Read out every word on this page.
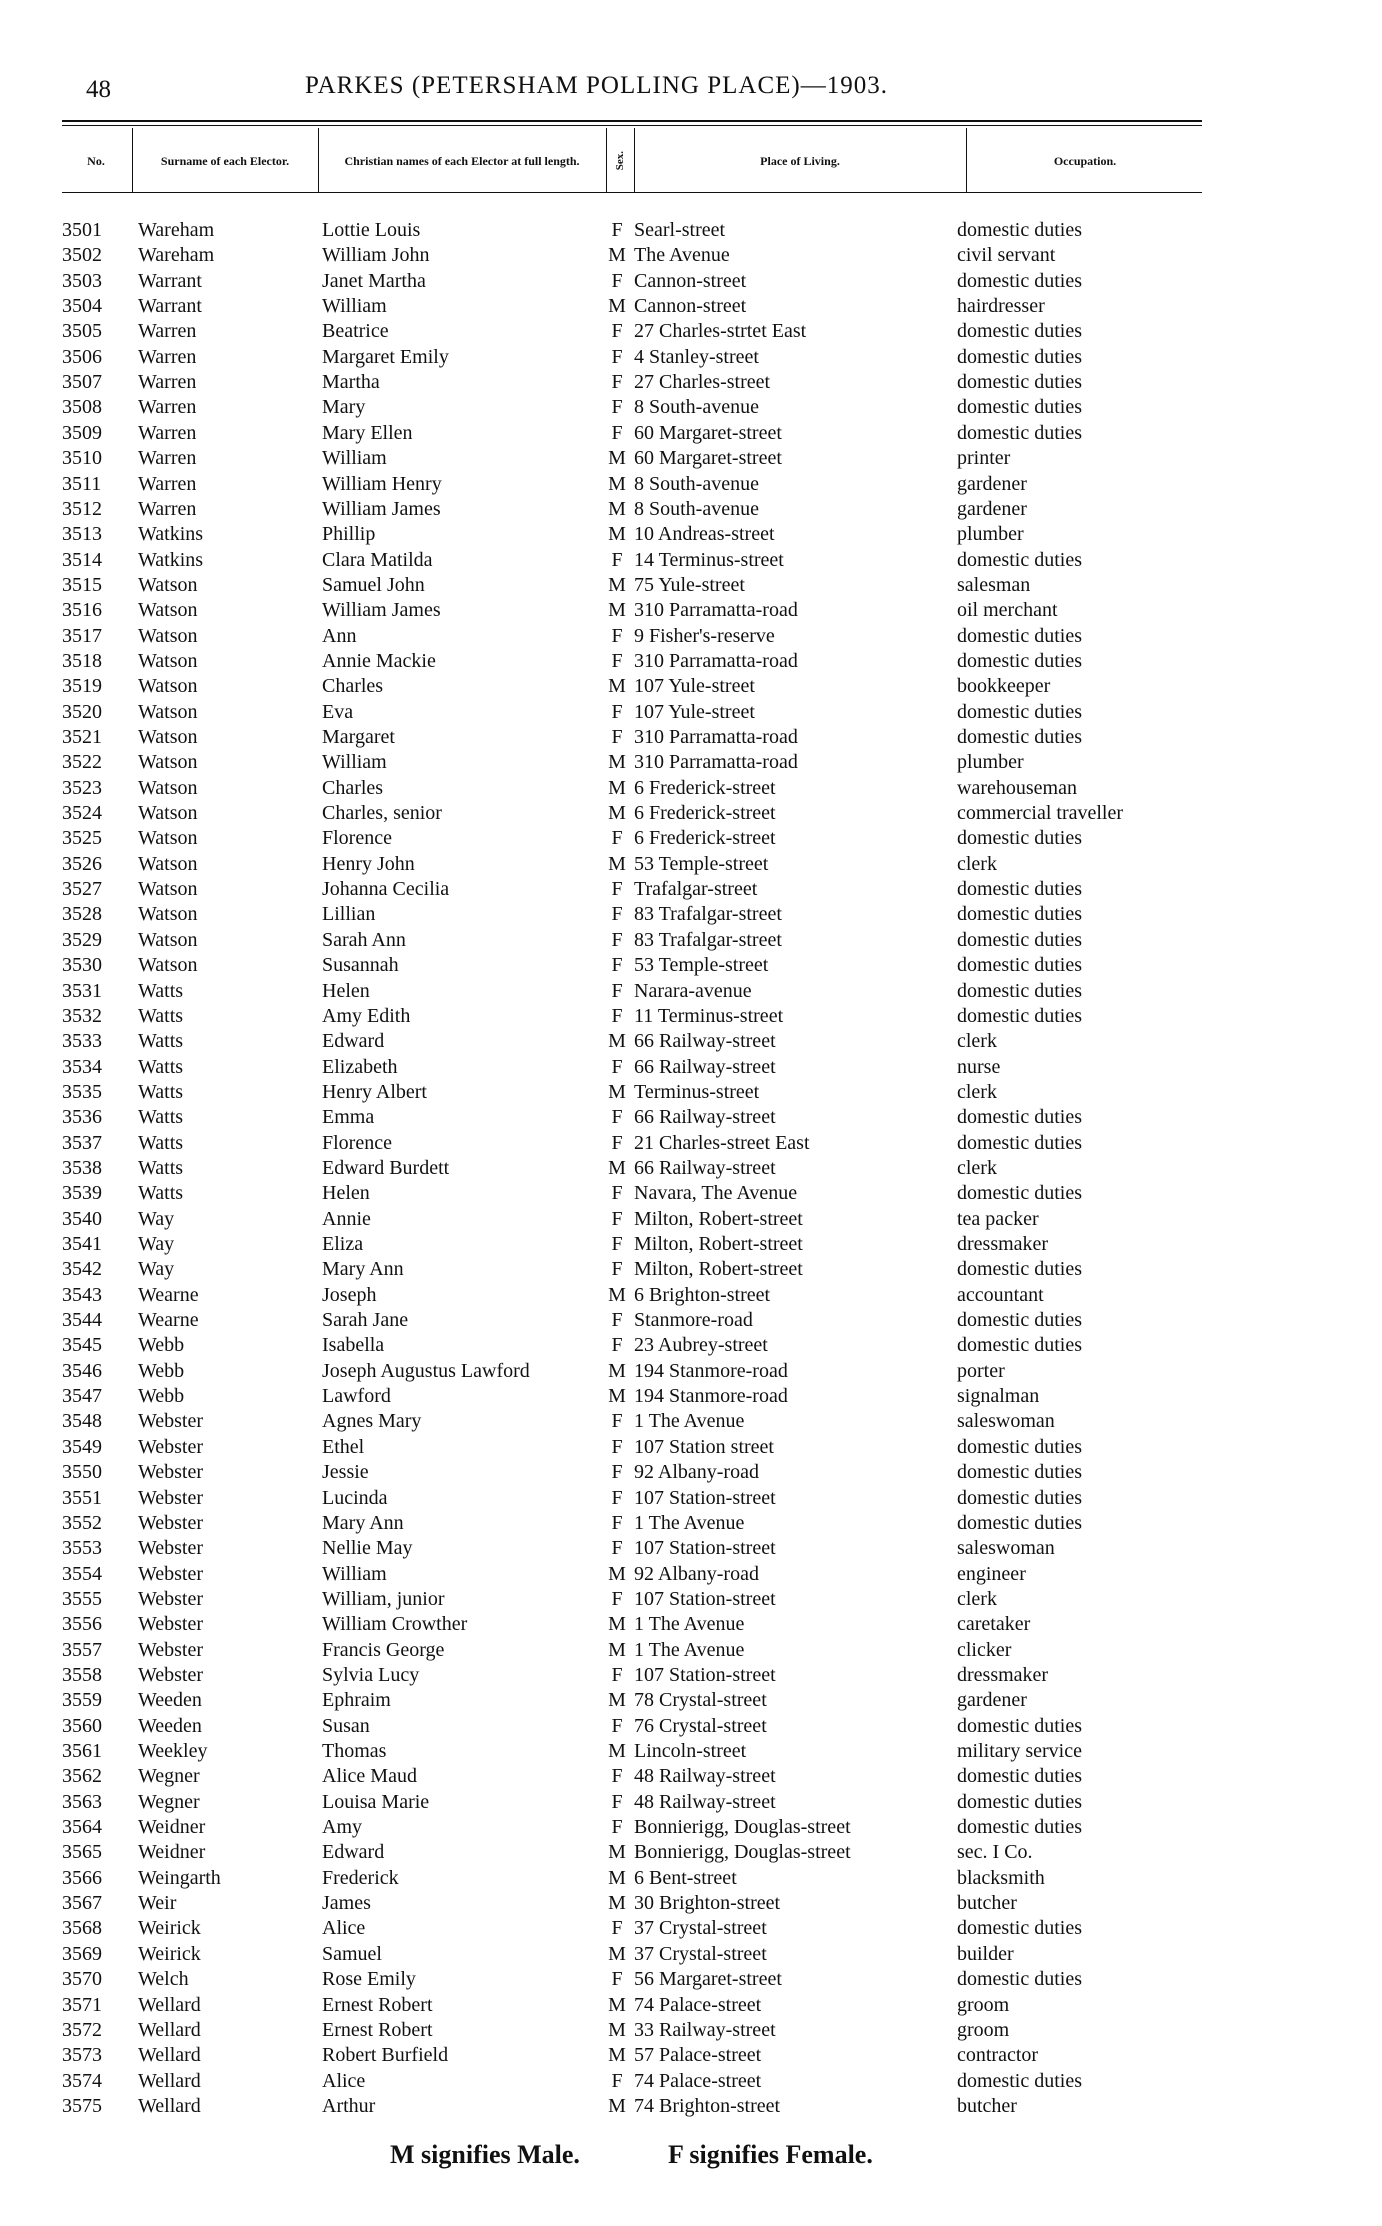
48	PARKES (PETERSHAM POLLING PLACE)—1903.
No.	Surname of each Elector.	Christian names of each Elector at full length.	Sex.	Place of Living.	Occupation.
3501 Wareham	Lottie Louis	F Searl-street	domestic duties
3502 Wareham	William John	M The Avenue	civil servant
3503 Warrant	Janet Martha	F Cannon-street	domestic duties
3504 Warrant	William	M Cannon-street	hairdresser
3505 Warren	Beatrice	F 27 Charles-strtet East	domestic duties
3506 Warren	Margaret Emily	F 4 Stanley-street	domestic duties
3507 Warren	Martha	F 27 Charles-street	domestic duties
3508 Warren	Mary	F 8 South-avenue	domestic duties
3509 Warren	Mary Ellen	F 60 Margaret-street	domestic duties
3510 Warren	William	M 60 Margaret-street	printer
3511 Warren	William Henry	M 8 South-avenue	gardener
3512 Warren	William James	M 8 South-avenue	gardener
3513 Watkins	Phillip	M 10 Andreas-street	plumber
3514 Watkins	Clara Matilda	F 14 Terminus-street	domestic duties
3515 Watson	Samuel John	M 75 Yule-street	salesman
3516 Watson	William James	M 310 Parramatta-road	oil merchant
3517 Watson	Ann	F 9 Fisher's-reserve	domestic duties
3518 Watson	Annie Mackie	F 310 Parramatta-road	domestic duties
3519 Watson	Charles	M 107 Yule-street	bookkeeper
3520 Watson	Eva	F 107 Yule-street	domestic duties
3521 Watson	Margaret	F 310 Parramatta-road	domestic duties
3522 Watson	William	M 310 Parramatta-road	plumber
3523 Watson	Charles	M 6 Frederick-street	warehouseman
3524 Watson	Charles, senior	M 6 Frederick-street	commercial traveller
3525 Watson	Florence	F 6 Frederick-street	domestic duties
3526 Watson	Henry John	M 53 Temple-street	clerk
3527 Watson	Johanna Cecilia	F Trafalgar-street	domestic duties
3528 Watson	Lillian	F 83 Trafalgar-street	domestic duties
3529 Watson	Sarah Ann	F 83 Trafalgar-street	domestic duties
3530 Watson	Susannah	F 53 Temple-street	domestic duties
3531 Watts	Helen	F Narara-avenue	domestic duties
3532 Watts	Amy Edith	F 11 Terminus-street	domestic duties
3533 Watts	Edward	M 66 Railway-street	clerk
3534 Watts	Elizabeth	F 66 Railway-street	nurse
3535 Watts	Henry Albert	M Terminus-street	clerk
3536 Watts	Emma	F 66 Railway-street	domestic duties
3537 Watts	Florence	F 21 Charles-street East	domestic duties
3538 Watts	Edward Burdett	M 66 Railway-street	clerk
3539 Watts	Helen	F Navara, The Avenue	domestic duties
3540 Way	Annie	F Milton, Robert-street	tea packer
3541 Way	Eliza	F Milton, Robert-street	dressmaker
3542 Way	Mary Ann	F Milton, Robert-street	domestic duties
3543 Wearne	Joseph	M 6 Brighton-street	accountant
3544 Wearne	Sarah Jane	F Stanmore-road	domestic duties
3545 Webb	Isabella	F 23 Aubrey-street	domestic duties
3546 Webb	Joseph Augustus Lawford	M 194 Stanmore-road	porter
3547 Webb	Lawford	M 194 Stanmore-road	signalman
3548 Webster	Agnes Mary	F 1 The Avenue	saleswoman
3549 Webster	Ethel	F 107 Station street	domestic duties
3550 Webster	Jessie	F 92 Albany-road	domestic duties
3551 Webster	Lucinda	F 107 Station-street	domestic duties
3552 Webster	Mary Ann	F 1 The Avenue	domestic duties
3553 Webster	Nellie May	F 107 Station-street	saleswoman
3554 Webster	William	M 92 Albany-road	engineer
3555 Webster	William, junior	F 107 Station-street	clerk
3556 Webster	William Crowther	M 1 The Avenue	caretaker
3557 Webster	Francis George	M 1 The Avenue	clicker
3558 Webster	Sylvia Lucy	F 107 Station-street	dressmaker
3559 Weeden	Ephraim	M 78 Crystal-street	gardener
3560 Weeden	Susan	F 76 Crystal-street	domestic duties
3561 Weekley	Thomas	M Lincoln-street	military service
3562 Wegner	Alice Maud	F 48 Railway-street	domestic duties
3563 Wegner	Louisa Marie	F 48 Railway-street	domestic duties
3564 Weidner	Amy	F Bonnierigg, Douglas-street	domestic duties
3565 Weidner	Edward	M Bonnierigg, Douglas-street	sec. I Co.
3566 Weingarth	Frederick	M 6 Bent-street	blacksmith
3567 Weir	James	M 30 Brighton-street	butcher
3568 Weirick	Alice	F 37 Crystal-street	domestic duties
3569 Weirick	Samuel	M 37 Crystal-street	builder
3570 Welch	Rose Emily	F 56 Margaret-street	domestic duties
3571 Wellard	Ernest Robert	M 74 Palace-street	groom
3572 Wellard	Ernest Robert	M 33 Railway-street	groom
3573 Wellard	Robert Burfield	M 57 Palace-street	contractor
3574 Wellard	Alice	F 74 Palace-street	domestic duties
3575 Wellard	Arthur	M 74 Brighton-street	butcher
M signifies Male.	F signifies Female.
